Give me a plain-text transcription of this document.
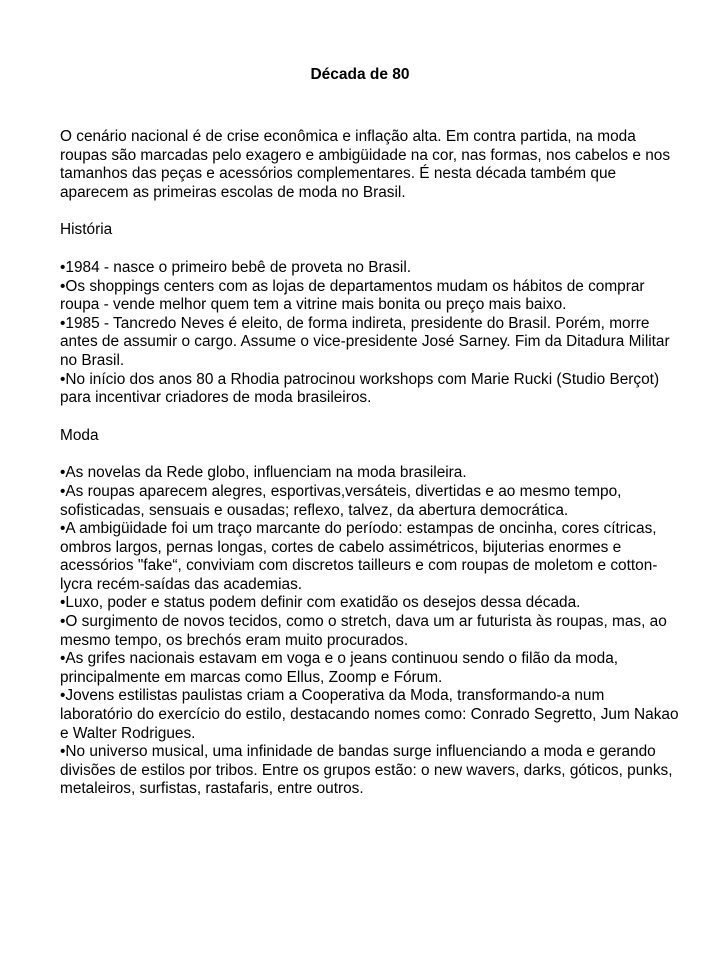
Década de 80

O cenário nacional é de crise econômica e inflação alta. Em contra partida, na moda roupas são marcadas pelo exagero e ambigüidade na cor, nas formas, nos cabelos e nos tamanhos das peças e acessórios complementares. É nesta década também que aparecem as primeiras escolas de moda no Brasil.

História

•1984 - nasce o primeiro bebê de proveta no Brasil.
•Os shoppings centers com as lojas de departamentos mudam os hábitos de comprar roupa - vende melhor quem tem a vitrine mais bonita ou preço mais baixo.
•1985 - Tancredo Neves é eleito, de forma indireta, presidente do Brasil. Porém, morre antes de assumir o cargo. Assume o vice-presidente José Sarney. Fim da Ditadura Militar no Brasil.
•No início dos anos 80 a Rhodia patrocinou workshops com Marie Rucki (Studio Berçot) para incentivar criadores de moda brasileiros.

Moda

•As novelas da Rede globo, influenciam na moda brasileira.
•As roupas aparecem alegres, esportivas,versáteis, divertidas e ao mesmo tempo, sofisticadas, sensuais e ousadas; reflexo, talvez, da abertura democrática.
•A ambigüidade foi um traço marcante do período: estampas de oncinha, cores cítricas, ombros largos, pernas longas, cortes de cabelo assimétricos, bijuterias enormes e acessórios "fake“, conviviam com discretos tailleurs e com roupas de moletom e cotton-lycra recém-saídas das academias.
•Luxo, poder e status podem definir com exatidão os desejos dessa década.
•O surgimento de novos tecidos, como o stretch, dava um ar futurista às roupas, mas, ao mesmo tempo, os brechós eram muito procurados.
•As grifes nacionais estavam em voga e o jeans continuou sendo o filão da moda, principalmente em marcas como Ellus, Zoomp e Fórum.
•Jovens estilistas paulistas criam a Cooperativa da Moda, transformando-a num laboratório do exercício do estilo, destacando nomes como: Conrado Segretto, Jum Nakao e Walter Rodrigues.
•No universo musical, uma infinidade de bandas surge influenciando a moda e gerando divisões de estilos por tribos. Entre os grupos estão: o new wavers, darks, góticos, punks, metaleiros, surfistas, rastafaris, entre outros.
